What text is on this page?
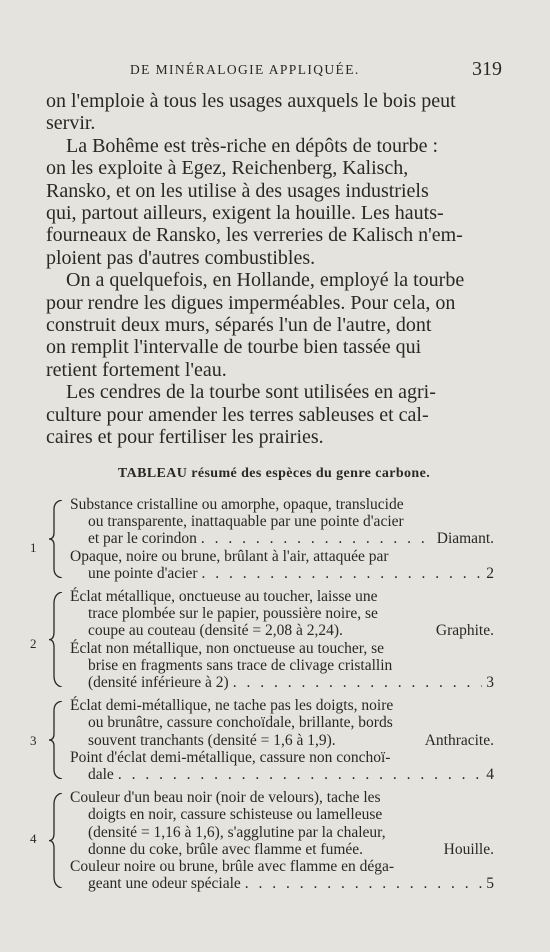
DE MINÉRALOGIE APPLIQUÉE.	319

on l'emploie à tous les usages auxquels le bois peut
servir.

La Bohême est très-riche en dépôts de tourbe :
on les exploite à Egez, Reichenberg, Kalisch,
Ransko, et on les utilise à des usages industriels
qui, partout ailleurs, exigent la houille. Les hauts-
fourneaux de Ransko, les verreries de Kalisch n'em-
ploient pas d'autres combustibles.

On a quelquefois, en Hollande, employé la tourbe
pour rendre les digues imperméables. Pour cela, on
construit deux murs, séparés l'un de l'autre, dont
on remplit l'intervalle de tourbe bien tassée qui
retient fortement l'eau.

Les cendres de la tourbe sont utilisées en agri-
culture pour amender les terres sableuses et cal-
caires et pour fertiliser les prairies.

TABLEAU résumé des espèces du genre carbone.
1
Substance cristalline ou amorphe, opaque, translucide
ou transparente, inattaquable par une pointe d'acier
et par le corindon . . .	Diamant.
Opaque, noire ou brune, brûlant à l'air, attaquée par
une pointe d'acier . . .	2
2
Éclat métallique, onctueuse au toucher, laisse une
trace plombée sur le papier, poussière noire, se
coupe au couteau (densité = 2,08 à 2,24).	Graphite.
Éclat non métallique, non onctueuse au toucher, se
brise en fragments sans trace de clivage cristallin
(densité inférieure à 2) . . .	3
3
Éclat demi-métallique, ne tache pas les doigts, noire
ou brunâtre, cassure conchoïdale, brillante, bords
souvent tranchants (densité = 1,6 à 1,9).	Anthracite.
Point d'éclat demi-métallique, cassure non conchoï-
dale . . .	4
4
Couleur d'un beau noir (noir de velours), tache les
doigts en noir, cassure schisteuse ou lamelleuse
(densité = 1,16 à 1,6), s'agglutine par la chaleur,
donne du coke, brûle avec flamme et fumée.	Houille.
Couleur noire ou brune, brûle avec flamme en déga-
geant une odeur spéciale . . .	5
